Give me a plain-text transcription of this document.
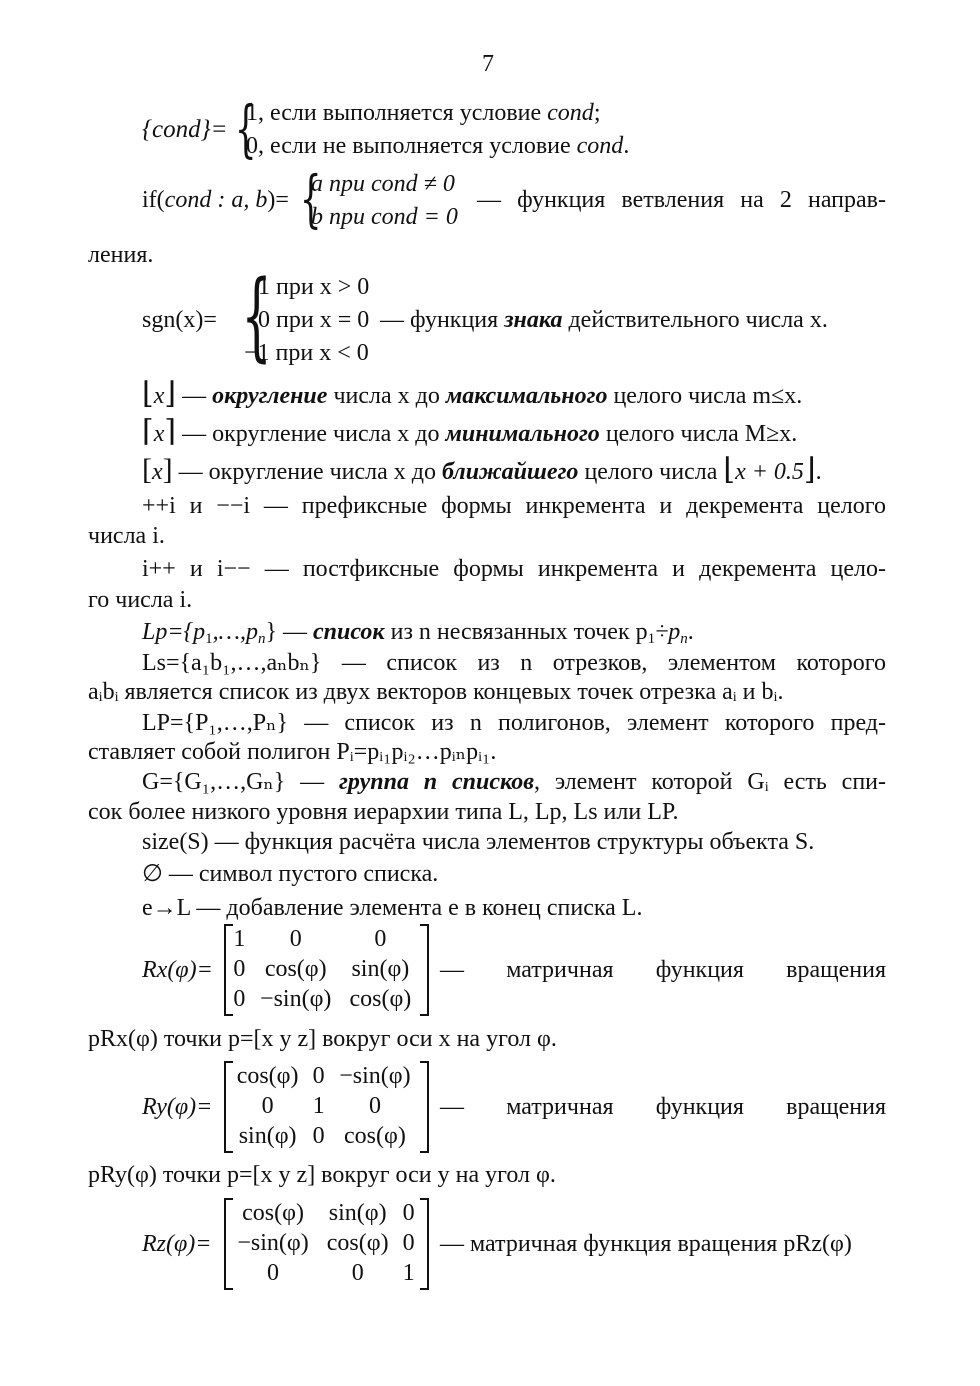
7
{cond}= {
1, если выполняется условие cond;
0, если не выполняется условие cond.
if(cond : a, b)= {
a при cond ≠ 0
b при cond = 0
— функция ветвления на 2 направ-
ления.
sgn(x)= {
1 при x > 0
0 при x = 0
−1 при x < 0
— функция знака действительного числа x.
⌊x⌋ — округление числа x до максимального целого числа m≤x.
⌈x⌉ — округление числа x до минимального целого числа M≥x.
[x] — округление числа x до ближайшего целого числа ⌊x + 0.5⌋.
++i и −−i — префиксные формы инкремента и декремента целого
числа i.
i++ и i−− — постфиксные формы инкремента и декремента цело-
го числа i.
$Lp=\{p_1,\dots,p_n\}$ — список из n несвязанных точек $p_1\div p_n$.
Ls={a₁b₁,…,aₙbₙ} — список из n отрезков, элементом которого
aᵢbᵢ является список из двух векторов концевых точек отрезка aᵢ и bᵢ.
LP={P₁,…,Pₙ} — список из n полигонов, элемент которого пред-
ставляет собой полигон Pᵢ=pᵢ₁pᵢ₂…pᵢₙpᵢ₁.
G={G₁,…,Gₙ} — группа n списков, элемент которой Gᵢ есть спи-
сок более низкого уровня иерархии типа L, Lp, Ls или LP.
size(S) — функция расчёта числа элементов структуры объекта S.
∅ — символ пустого списка.
e→L — добавление элемента e в конец списка L.
Rx(φ)=
1	0	0
0	cos(φ)	sin(φ)
0	−sin(φ)	cos(φ)
— матричная функция вращения
pRx(φ) точки p=[x y z] вокруг оси x на угол φ.
Ry(φ)=
cos(φ)	0	−sin(φ)
0	1	0
sin(φ)	0	cos(φ)
— матричная функция вращения
pRy(φ) точки p=[x y z] вокруг оси y на угол φ.
Rz(φ)=
cos(φ)	sin(φ)	0
−sin(φ)	cos(φ)	0
0	0	1
— матричная функция вращения pRz(φ)
